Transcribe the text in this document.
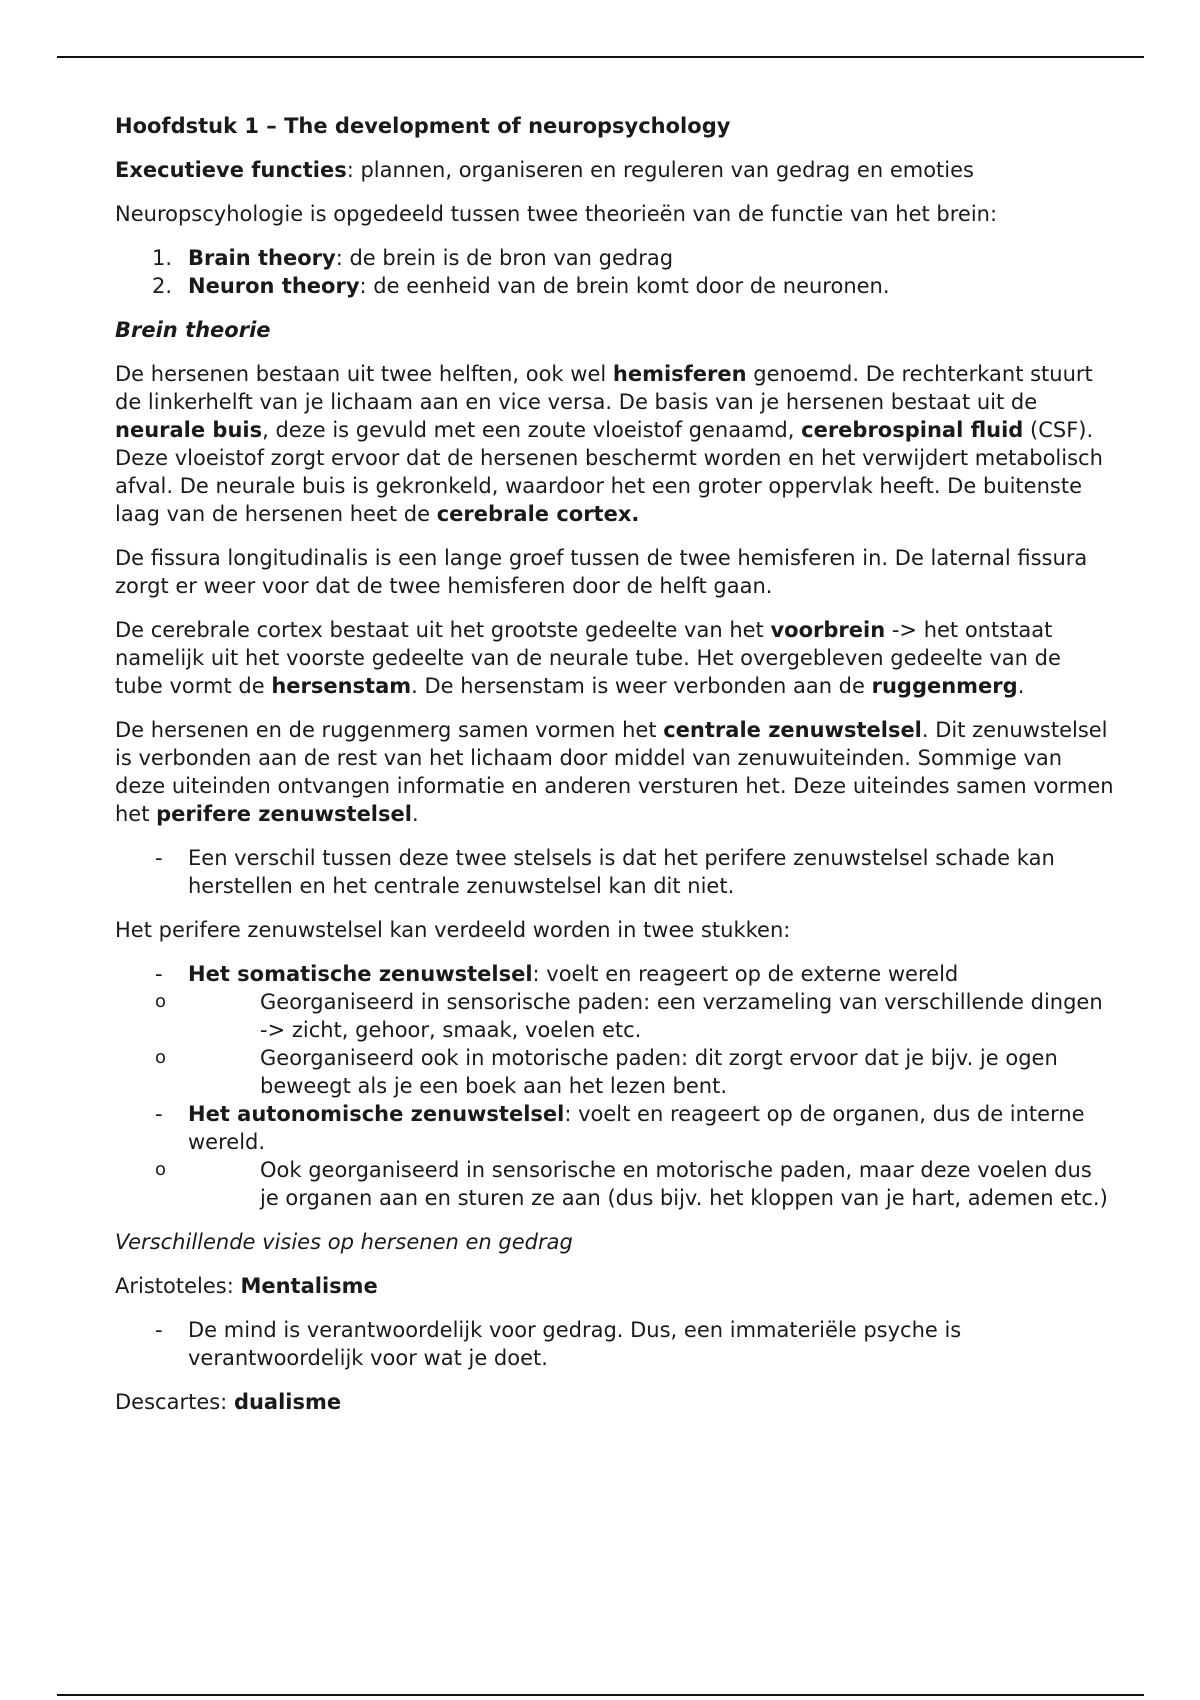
Hoofdstuk 1 – The development of neuropsychology

Executieve functies: plannen, organiseren en reguleren van gedrag en emoties

Neuropscyhologie is opgedeeld tussen twee theorieën van de functie van het brein:

1. Brain theory: de brein is de bron van gedrag
2. Neuron theory: de eenheid van de brein komt door de neuronen.

Brein theorie

De hersenen bestaan uit twee helften, ook wel hemisferen genoemd. De rechterkant stuurt de linkerhelft van je lichaam aan en vice versa. De basis van je hersenen bestaat uit de neurale buis, deze is gevuld met een zoute vloeistof genaamd, cerebrospinal fluid (CSF). Deze vloeistof zorgt ervoor dat de hersenen beschermt worden en het verwijdert metabolisch afval. De neurale buis is gekronkeld, waardoor het een groter oppervlak heeft. De buitenste laag van de hersenen heet de cerebrale cortex.

De fissura longitudinalis is een lange groef tussen de twee hemisferen in. De laternal fissura zorgt er weer voor dat de twee hemisferen door de helft gaan.

De cerebrale cortex bestaat uit het grootste gedeelte van het voorbrein -> het ontstaat namelijk uit het voorste gedeelte van de neurale tube. Het overgebleven gedeelte van de tube vormt de hersenstam. De hersenstam is weer verbonden aan de ruggenmerg.

De hersenen en de ruggenmerg samen vormen het centrale zenuwstelsel. Dit zenuwstelsel is verbonden aan de rest van het lichaam door middel van zenuwuiteinden. Sommige van deze uiteinden ontvangen informatie en anderen versturen het. Deze uiteindes samen vormen het perifere zenuwstelsel.

- Een verschil tussen deze twee stelsels is dat het perifere zenuwstelsel schade kan herstellen en het centrale zenuwstelsel kan dit niet.

Het perifere zenuwstelsel kan verdeeld worden in twee stukken:

- Het somatische zenuwstelsel: voelt en reageert op de externe wereld
o	Georganiseerd in sensorische paden: een verzameling van verschillende dingen -> zicht, gehoor, smaak, voelen etc.
o	Georganiseerd ook in motorische paden: dit zorgt ervoor dat je bijv. je ogen beweegt als je een boek aan het lezen bent.
- Het autonomische zenuwstelsel: voelt en reageert op de organen, dus de interne wereld.
o	Ook georganiseerd in sensorische en motorische paden, maar deze voelen dus je organen aan en sturen ze aan (dus bijv. het kloppen van je hart, ademen etc.)

Verschillende visies op hersenen en gedrag

Aristoteles: Mentalisme

- De mind is verantwoordelijk voor gedrag. Dus, een immateriële psyche is verantwoordelijk voor wat je doet.

Descartes: dualisme
